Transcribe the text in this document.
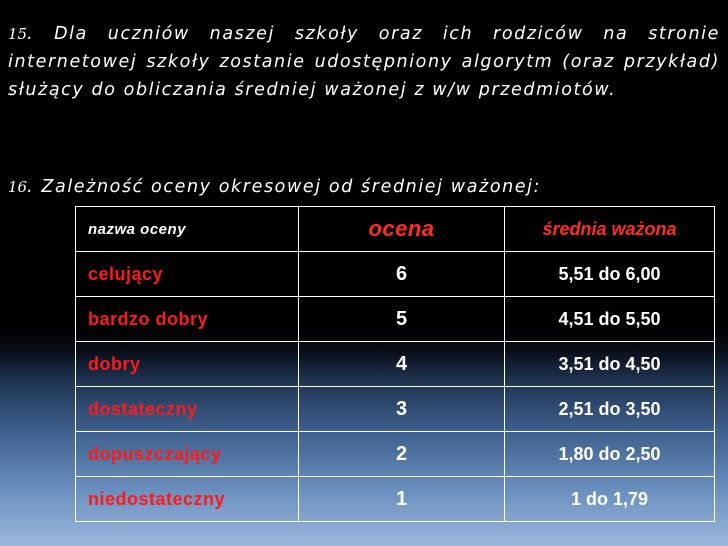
15. Dla uczniów naszej szkoły oraz ich rodziców na stronie internetowej szkoły zostanie udostępniony algorytm (oraz przykład) służący do obliczania średniej ważonej z w/w przedmiotów.
16. Zależność oceny okresowej od średniej ważonej:
nazwa oceny	ocena	średnia ważona
celujący	6	5,51 do 6,00
bardzo dobry	5	4,51 do 5,50
dobry	4	3,51 do 4,50
dostateczny	3	2,51 do 3,50
dopuszczający	2	1,80 do 2,50
niedostateczny	1	1 do 1,79
